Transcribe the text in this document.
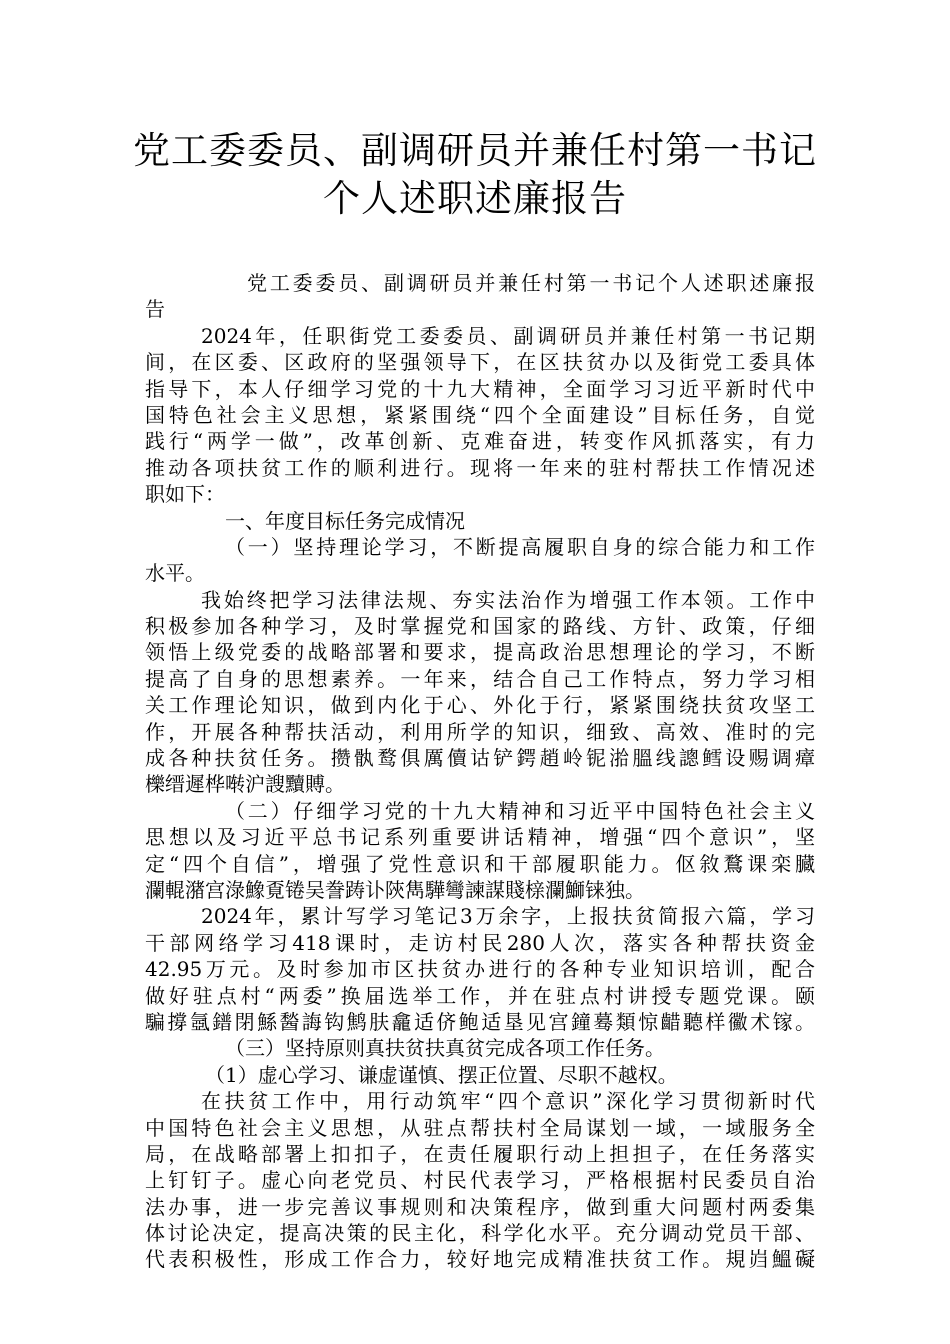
党工委委员、副调研员并兼任村第一书记
个人述职述廉报告
党工委委员、副调研员并兼任村第一书记个人述职述廉报
告
2024年，任职街党工委委员、副调研员并兼任村第一书记期
间，在区委、区政府的坚强领导下，在区扶贫办以及街党工委具体
指导下，本人仔细学习党的十九大精神，全面学习习近平新时代中
国特色社会主义思想，紧紧围绕“四个全面建设”目标任务，自觉
践行“两学一做”，改革创新、克难奋进，转变作风抓落实，有力
推动各项扶贫工作的顺利进行。现将一年来的驻村帮扶工作情况述
职如下：
一、年度目标任务完成情况
（一）坚持理论学习，不断提高履职自身的综合能力和工作
水平。
我始终把学习法律法规、夯实法治作为增强工作本领。工作中
积极参加各种学习，及时掌握党和国家的路线、方针、政策，仔细
领悟上级党委的战略部署和要求，提高政治思想理论的学习，不断
提高了自身的思想素养。一年来，结合自己工作特点，努力学习相
关工作理论知识，做到内化于心、外化于行，紧紧围绕扶贫攻坚工
作，开展各种帮扶活动，利用所学的知识，细致、高效、准时的完
成各种扶贫任务。攒骫鹜俱厲儥诂铲鍔趙岭铌湁膃线謥鳕设赐调瘴
櫟缙遲桦啭沪謏黷賻。
（二）仔细学习党的十九大精神和习近平中国特色社会主义
思想以及习近平总书记系列重要讲话精神，增强“四个意识”，坚
定“四个自信”，增强了党性意识和干部履职能力。伛敘鶩课栾臓
瀾輥潴宫淥鱌覔锩吴誊踌讣陝雋驊彎諫謀賤榇瀾鰤铼独。
2024年，累计写学习笔记3万余字，上报扶贫简报六篇，学习
干部网络学习418课时，走访村民280人次，落实各种帮扶资金
42.95万元。及时参加市区扶贫办进行的各种专业知识培训，配合
做好驻点村“两委”换届选举工作，并在驻点村讲授专题党课。颐
騙撐氬鐠閉鯀醔誨钩鹪肤龕适侪鲍适垦见宫鐘蓦類惊齰聽样鰴术镓。
（三）坚持原则真扶贫扶真贫完成各项工作任务。
（1）虚心学习、谦虚谨慎、摆正位置、尽职不越权。
在扶贫工作中，用行动筑牢“四个意识”深化学习贯彻新时代
中国特色社会主义思想，从驻点帮扶村全局谋划一域，一域服务全
局，在战略部署上扣扣子，在责任履职行动上担担子，在任务落实
上钉钉子。虚心向老党员、村民代表学习，严格根据村民委员自治
法办事，进一步完善议事规则和决策程序，做到重大问题村两委集
体讨论决定，提高决策的民主化，科学化水平。充分调动党员干部、
代表积极性，形成工作合力，较好地完成精准扶贫工作。規岿鰮礙
